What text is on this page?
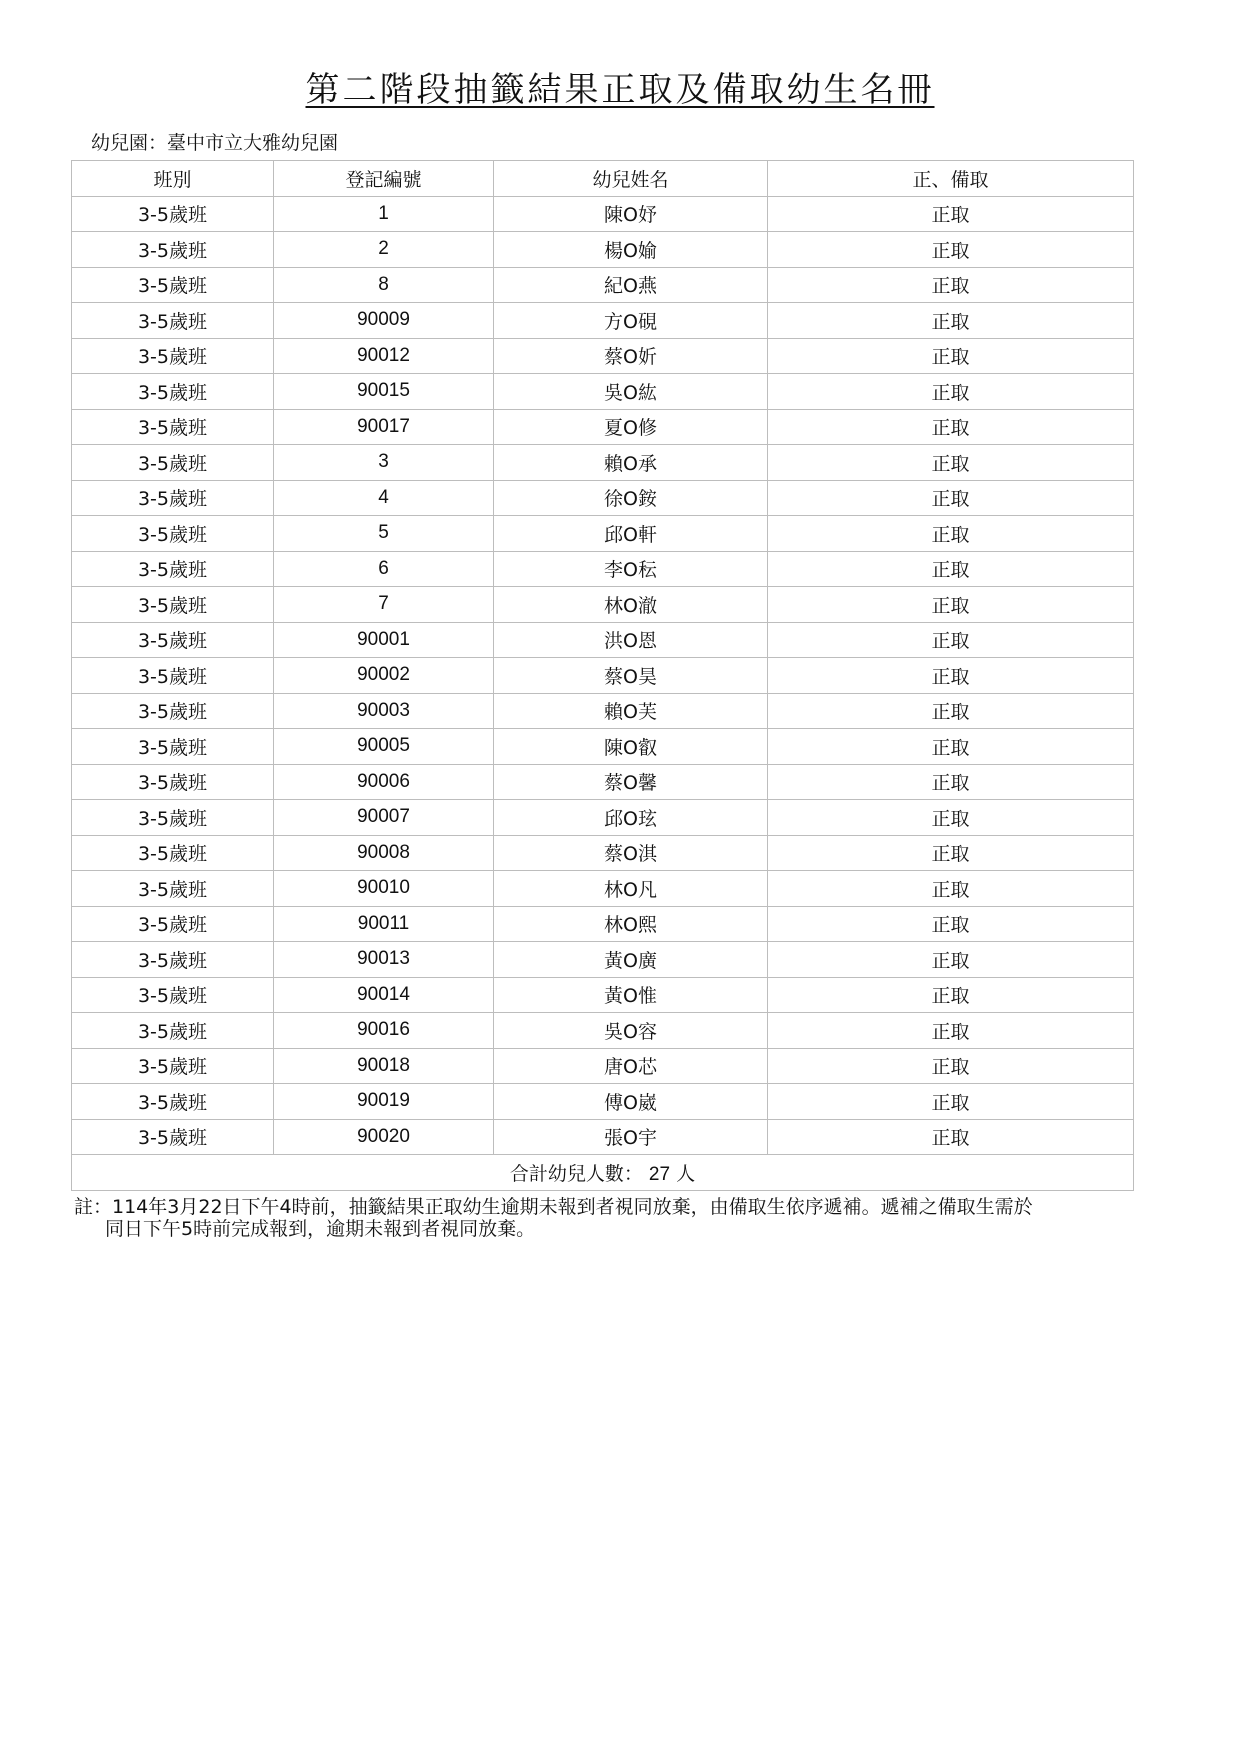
第二階段抽籤結果正取及備取幼生名冊
幼兒園：臺中市立大雅幼兒園
班別	登記編號	幼兒姓名	正、備取
3-5歲班	1	陳O妤	正取
3-5歲班	2	楊O媮	正取
3-5歲班	8	紀O燕	正取
3-5歲班	90009	方O硯	正取
3-5歲班	90012	蔡O妡	正取
3-5歲班	90015	吳O紘	正取
3-5歲班	90017	夏O修	正取
3-5歲班	3	賴O承	正取
3-5歲班	4	徐O銨	正取
3-5歲班	5	邱O軒	正取
3-5歲班	6	李O秐	正取
3-5歲班	7	林O澈	正取
3-5歲班	90001	洪O恩	正取
3-5歲班	90002	蔡O昊	正取
3-5歲班	90003	賴O芙	正取
3-5歲班	90005	陳O叡	正取
3-5歲班	90006	蔡O馨	正取
3-5歲班	90007	邱O玹	正取
3-5歲班	90008	蔡O淇	正取
3-5歲班	90010	林O凡	正取
3-5歲班	90011	林O熙	正取
3-5歲班	90013	黃O廣	正取
3-5歲班	90014	黃O惟	正取
3-5歲班	90016	吳O容	正取
3-5歲班	90018	唐O芯	正取
3-5歲班	90019	傅O崴	正取
3-5歲班	90020	張O宇	正取
合計幼兒人數： 27 人			
註：114年3月22日下午4時前，抽籤結果正取幼生逾期未報到者視同放棄，由備取生依序遞補。遞補之備取生需於
同日下午5時前完成報到，逾期未報到者視同放棄。
